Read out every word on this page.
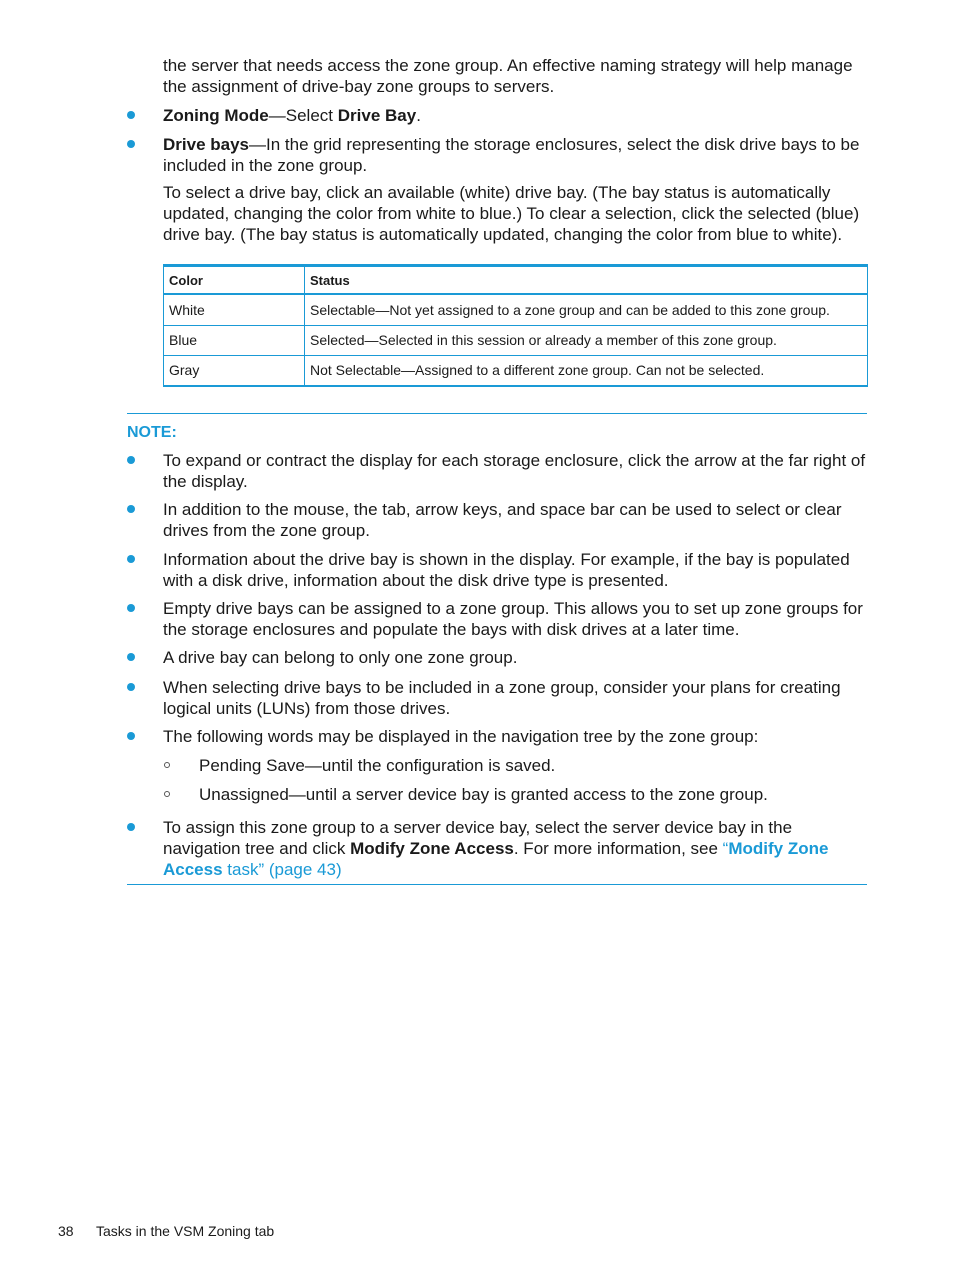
the server that needs access the zone group. An effective naming strategy will help manage the assignment of drive-bay zone groups to servers.

Zoning Mode—Select Drive Bay.

Drive bays—In the grid representing the storage enclosures, select the disk drive bays to be included in the zone group.

To select a drive bay, click an available (white) drive bay. (The bay status is automatically updated, changing the color from white to blue.) To clear a selection, click the selected (blue) drive bay. (The bay status is automatically updated, changing the color from blue to white).

Color	Status
White	Selectable—Not yet assigned to a zone group and can be added to this zone group.
Blue	Selected—Selected in this session or already a member of this zone group.
Gray	Not Selectable—Assigned to a different zone group. Can not be selected.
NOTE:

To expand or contract the display for each storage enclosure, click the arrow at the far right of the display.

In addition to the mouse, the tab, arrow keys, and space bar can be used to select or clear drives from the zone group.

Information about the drive bay is shown in the display. For example, if the bay is populated with a disk drive, information about the disk drive type is presented.

Empty drive bays can be assigned to a zone group. This allows you to set up zone groups for the storage enclosures and populate the bays with disk drives at a later time.

A drive bay can belong to only one zone group.

When selecting drive bays to be included in a zone group, consider your plans for creating logical units (LUNs) from those drives.

The following words may be displayed in the navigation tree by the zone group:

Pending Save—until the configuration is saved.

Unassigned—until a server device bay is granted access to the zone group.

To assign this zone group to a server device bay, select the server device bay in the navigation tree and click Modify Zone Access. For more information, see “Modify Zone Access task” (page 43)

38 Tasks in the VSM Zoning tab
